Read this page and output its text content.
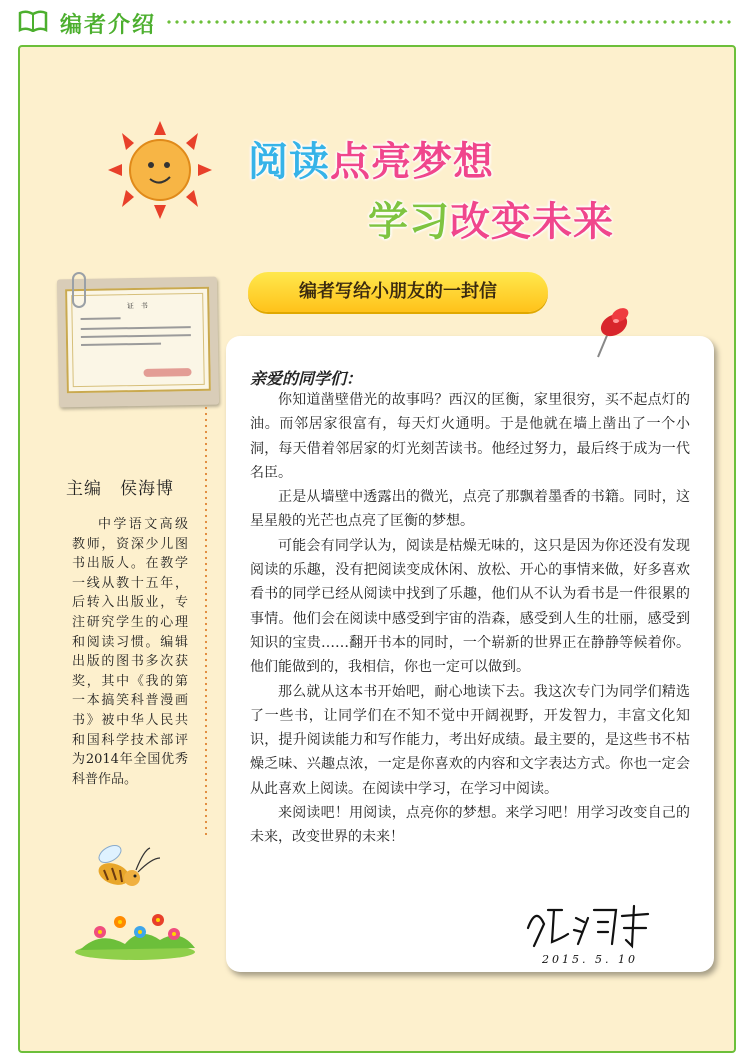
编者介绍
阅读点亮梦想
学习改变未来
编者写给小朋友的一封信
证　书
主编　侯海博
中学语文高级教师，资深少儿图书出版人。在教学一线从教十五年，后转入出版业，专注研究学生的心理和阅读习惯。编辑出版的图书多次获奖，其中《我的第一本搞笑科普漫画书》被中华人民共和国科学技术部评为2014年全国优秀科普作品。
亲爱的同学们：

你知道凿壁借光的故事吗？西汉的匡衡，家里很穷，买不起点灯的油。而邻居家很富有，每天灯火通明。于是他就在墙上凿出了一个小洞，每天借着邻居家的灯光刻苦读书。他经过努力，最后终于成为一代名臣。

正是从墙壁中透露出的微光，点亮了那飘着墨香的书籍。同时，这星星般的光芒也点亮了匡衡的梦想。

可能会有同学认为，阅读是枯燥无味的，这只是因为你还没有发现阅读的乐趣，没有把阅读变成休闲、放松、开心的事情来做，好多喜欢看书的同学已经从阅读中找到了乐趣，他们从不认为看书是一件很累的事情。他们会在阅读中感受到宇宙的浩森，感受到人生的壮丽，感受到知识的宝贵……翻开书本的同时，一个崭新的世界正在静静等候着你。他们能做到的，我相信，你也一定可以做到。

那么就从这本书开始吧，耐心地读下去。我这次专门为同学们精选了一些书，让同学们在不知不觉中开阔视野，开发智力，丰富文化知识，提升阅读能力和写作能力，考出好成绩。最主要的，是这些书不枯燥乏味、兴趣点浓，一定是你喜欢的内容和文字表达方式。你也一定会从此喜欢上阅读。在阅读中学习，在学习中阅读。

来阅读吧！用阅读，点亮你的梦想。来学习吧！用学习改变自己的未来，改变世界的未来！

2015. 5. 10
